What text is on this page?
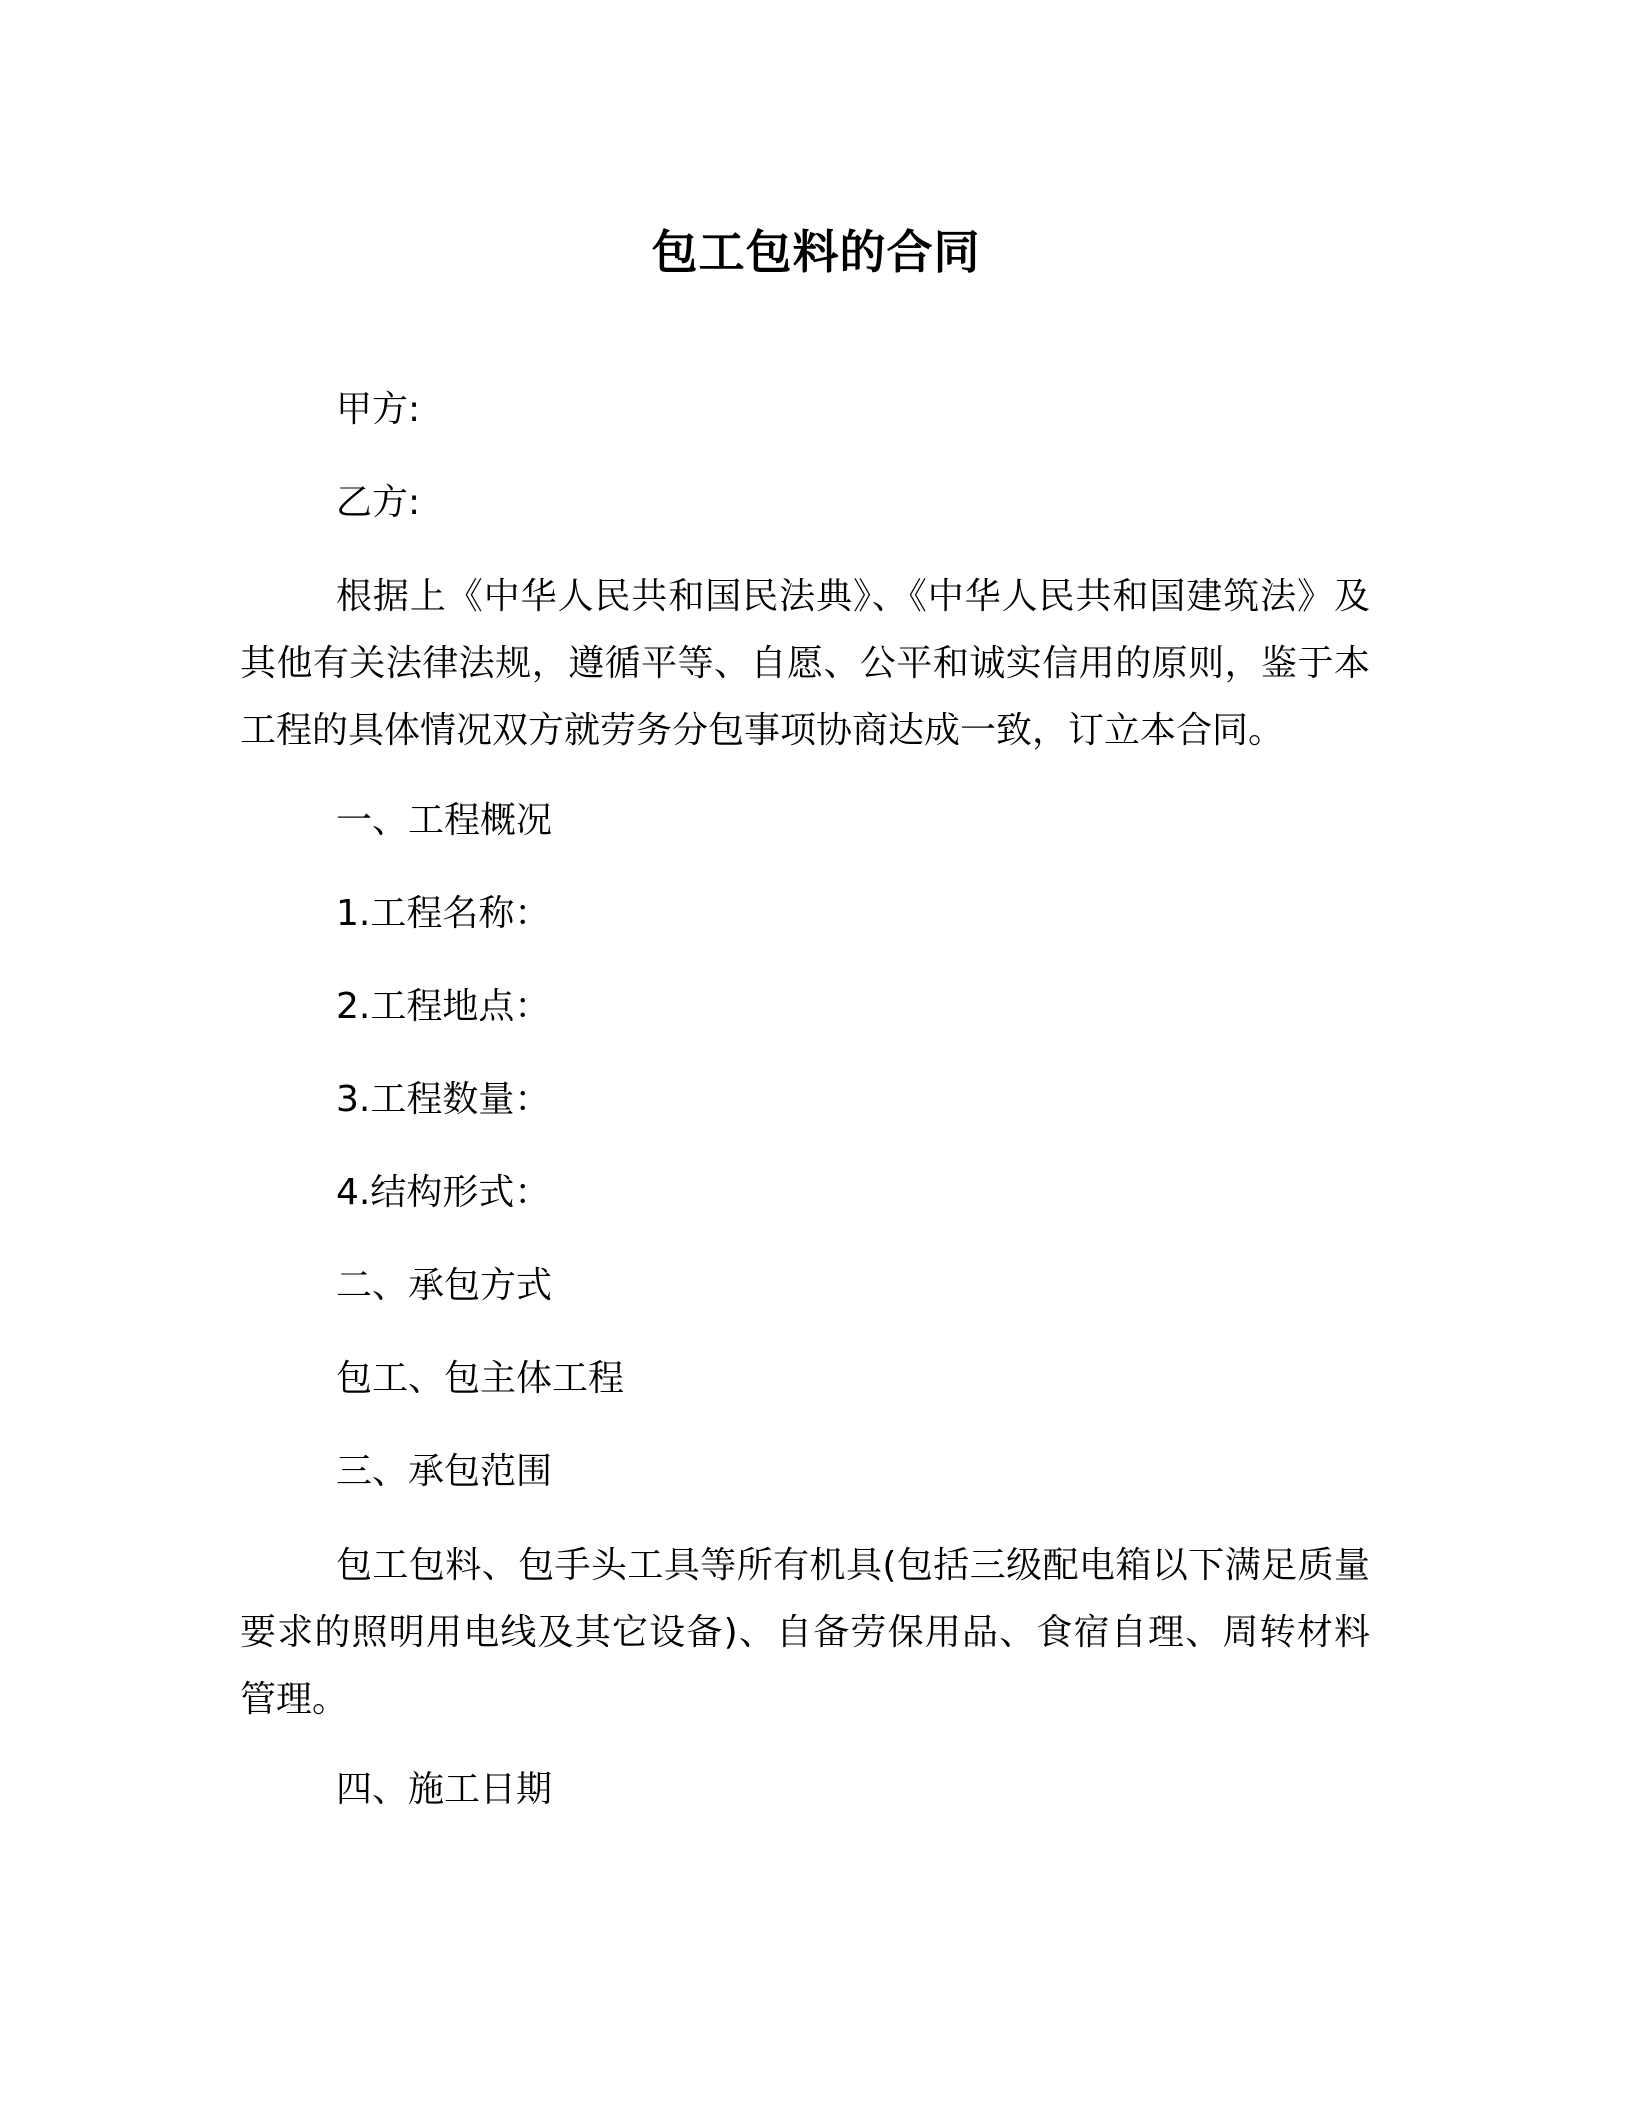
包工包料的合同
甲方:
乙方:
根据上《中华人民共和国民法典》、《中华人民共和国建筑法》及其他有关法律法规，遵循平等、自愿、公平和诚实信用的原则，鉴于本工程的具体情况双方就劳务分包事项协商达成一致，订立本合同。
一、工程概况
1.工程名称：
2.工程地点：
3.工程数量：
4.结构形式：
二、承包方式
包工、包主体工程
三、承包范围
包工包料、包手头工具等所有机具(包括三级配电箱以下满足质量要求的照明用电线及其它设备)、自备劳保用品、食宿自理、周转材料管理。
四、施工日期
